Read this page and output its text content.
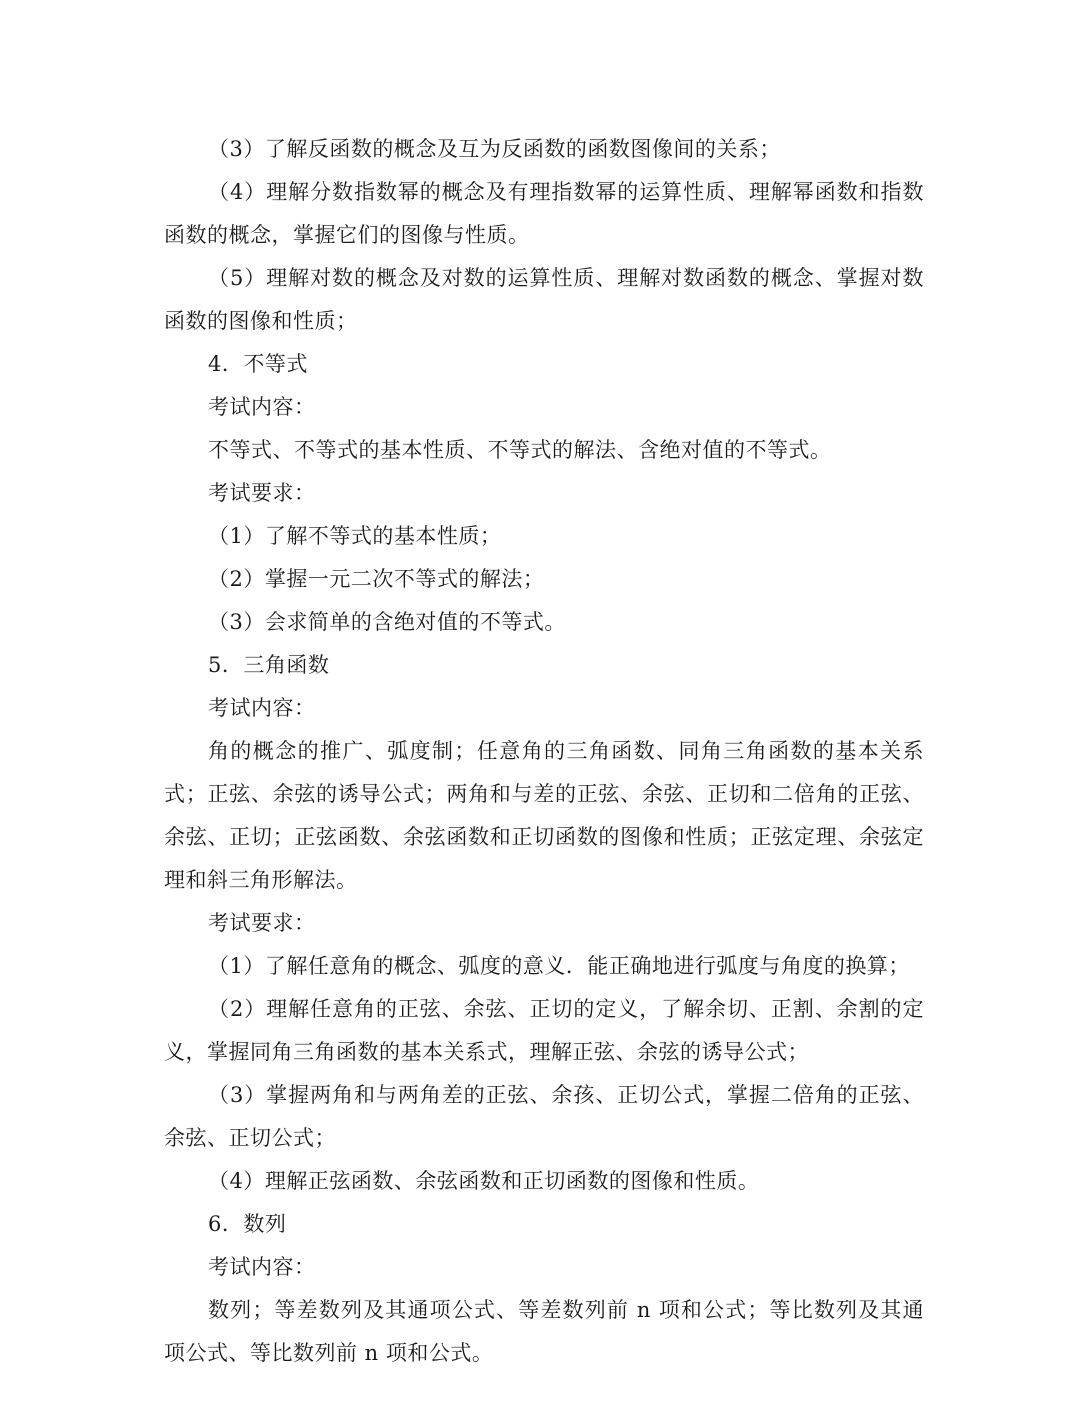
（3）了解反函数的概念及互为反函数的函数图像间的关系；

（4）理解分数指数幂的概念及有理指数幂的运算性质、理解幂函数和指数函数的概念，掌握它们的图像与性质。

（5）理解对数的概念及对数的运算性质、理解对数函数的概念、掌握对数函数的图像和性质；

4．不等式

考试内容：

不等式、不等式的基本性质、不等式的解法、含绝对值的不等式。

考试要求：

（1）了解不等式的基本性质；

（2）掌握一元二次不等式的解法；

（3）会求简单的含绝对值的不等式。

5．三角函数

考试内容：

角的概念的推广、弧度制；任意角的三角函数、同角三角函数的基本关系式；正弦、余弦的诱导公式；两角和与差的正弦、余弦、正切和二倍角的正弦、余弦、正切；正弦函数、余弦函数和正切函数的图像和性质；正弦定理、余弦定理和斜三角形解法。

考试要求：

（1）了解任意角的概念、弧度的意义．能正确地进行弧度与角度的换算；

（2）理解任意角的正弦、余弦、正切的定义，了解余切、正割、余割的定义，掌握同角三角函数的基本关系式，理解正弦、余弦的诱导公式；

（3）掌握两角和与两角差的正弦、余孩、正切公式，掌握二倍角的正弦、余弦、正切公式；

（4）理解正弦函数、余弦函数和正切函数的图像和性质。

6．数列

考试内容：

数列；等差数列及其通项公式、等差数列前 n 项和公式；等比数列及其通项公式、等比数列前 n 项和公式。
